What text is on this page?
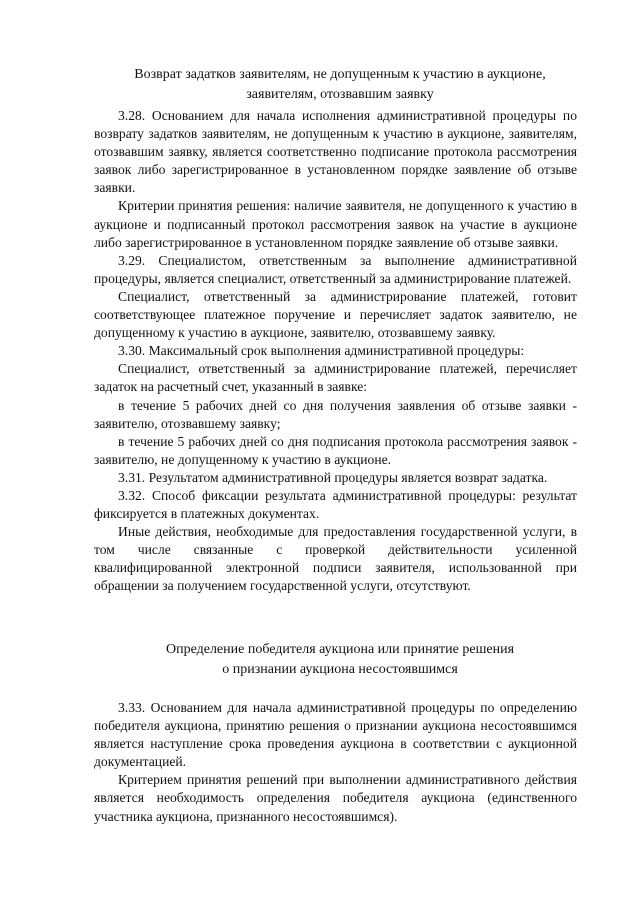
Возврат задатков заявителям, не допущенным к участию в аукционе,
заявителям, отозвавшим заявку

3.28. Основанием для начала исполнения административной процедуры по возврату задатков заявителям, не допущенным к участию в аукционе, заявителям, отозвавшим заявку, является соответственно подписание протокола рассмотрения заявок либо зарегистрированное в установленном порядке заявление об отзыве заявки.

Критерии принятия решения: наличие заявителя, не допущенного к участию в аукционе и подписанный протокол рассмотрения заявок на участие в аукционе либо зарегистрированное в установленном порядке заявление об отзыве заявки.

3.29. Специалистом, ответственным за выполнение административной процедуры, является специалист, ответственный за администрирование платежей.

Специалист, ответственный за администрирование платежей, готовит соответствующее платежное поручение и перечисляет задаток заявителю, не допущенному к участию в аукционе, заявителю, отозвавшему заявку.

3.30. Максимальный срок выполнения административной процедуры:

Специалист, ответственный за администрирование платежей, перечисляет задаток на расчетный счет, указанный в заявке:

в течение 5 рабочих дней со дня получения заявления об отзыве заявки - заявителю, отозвавшему заявку;

в течение 5 рабочих дней со дня подписания протокола рассмотрения заявок - заявителю, не допущенному к участию в аукционе.

3.31. Результатом административной процедуры является возврат задатка.

3.32. Способ фиксации результата административной процедуры: результат фиксируется в платежных документах.

Иные действия, необходимые для предоставления государственной услуги, в том числе связанные с проверкой действительности усиленной квалифицированной электронной подписи заявителя, использованной при обращении за получением государственной услуги, отсутствуют.

Определение победителя аукциона или принятие решения
о признании аукциона несостоявшимся

3.33. Основанием для начала административной процедуры по определению победителя аукциона, принятию решения о признании аукциона несостоявшимся является наступление срока проведения аукциона в соответствии с аукционной документацией.

Критерием принятия решений при выполнении административного действия является необходимость определения победителя аукциона (единственного участника аукциона, признанного несостоявшимся).
